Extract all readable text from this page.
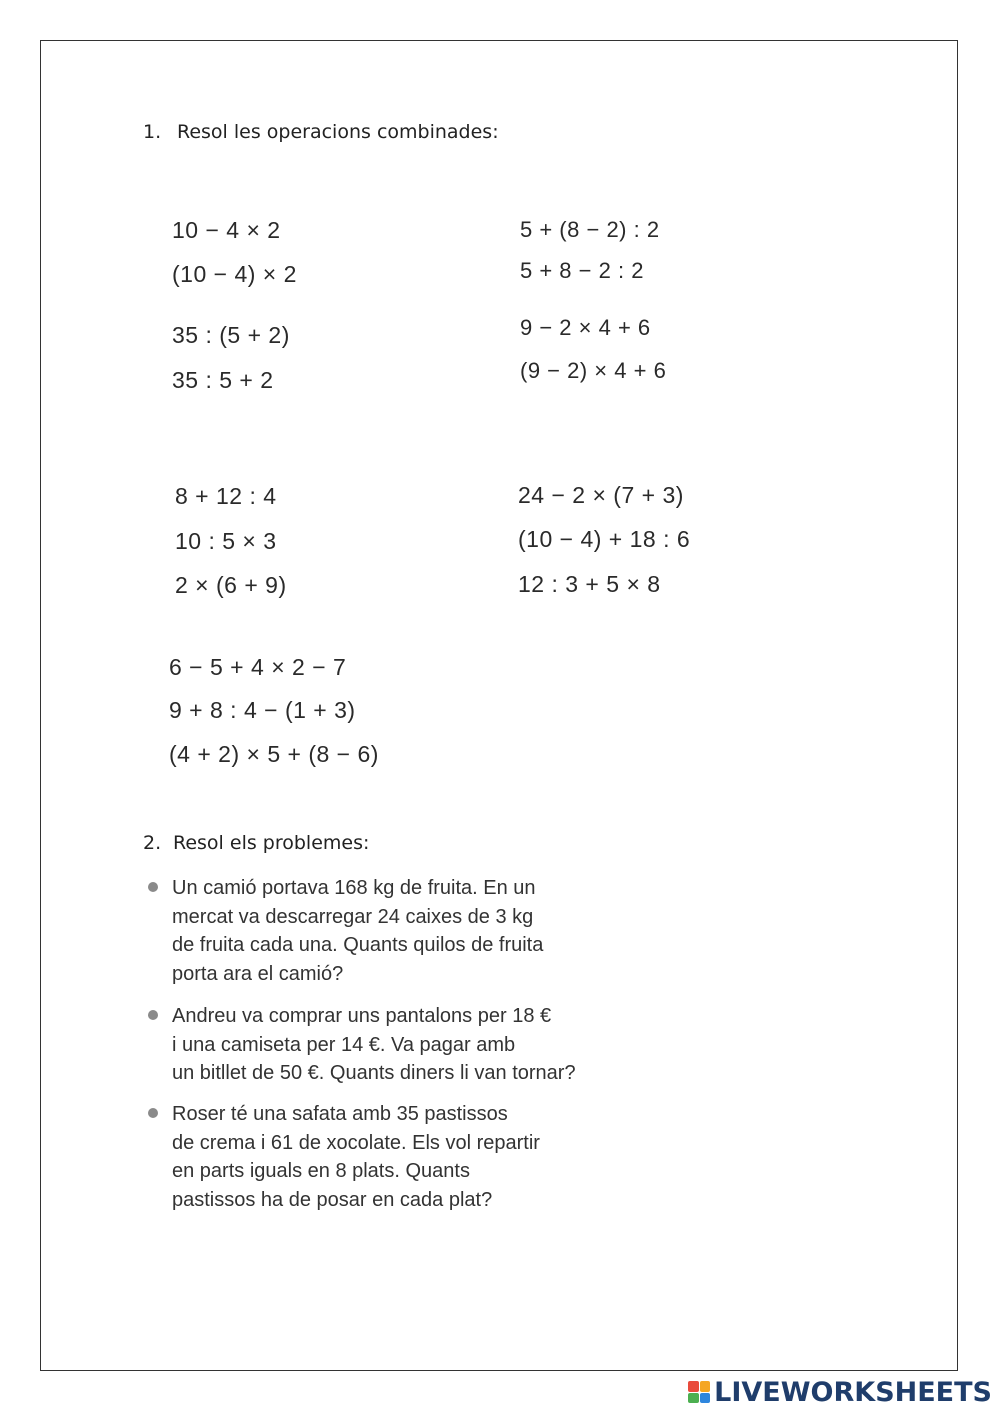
1. Resol les operacions combinades:
10 − 4 × 2
(10 − 4) × 2
35 : (5 + 2)
35 : 5 + 2
5 + (8 − 2) : 2
5 + 8 − 2 : 2
9 − 2 × 4 + 6
(9 − 2) × 4 + 6
8 + 12 : 4
10 : 5 × 3
2 × (6 + 9)
24 − 2 × (7 + 3)
(10 − 4) + 18 : 6
12 : 3 + 5 × 8
6 − 5 + 4 × 2 − 7
9 + 8 : 4 − (1 + 3)
(4 + 2) × 5 + (8 − 6)
2. Resol els problemes:
Un camió portava 168 kg de fruita. En un
mercat va descarregar 24 caixes de 3 kg
de fruita cada una. Quants quilos de fruita
porta ara el camió?
Andreu va comprar uns pantalons per 18 €
i una camiseta per 14 €. Va pagar amb
un bitllet de 50 €. Quants diners li van tornar?
Roser té una safata amb 35 pastissos
de crema i 61 de xocolate. Els vol repartir
en parts iguals en 8 plats. Quants
pastissos ha de posar en cada plat?
LIVEWORKSHEETS
